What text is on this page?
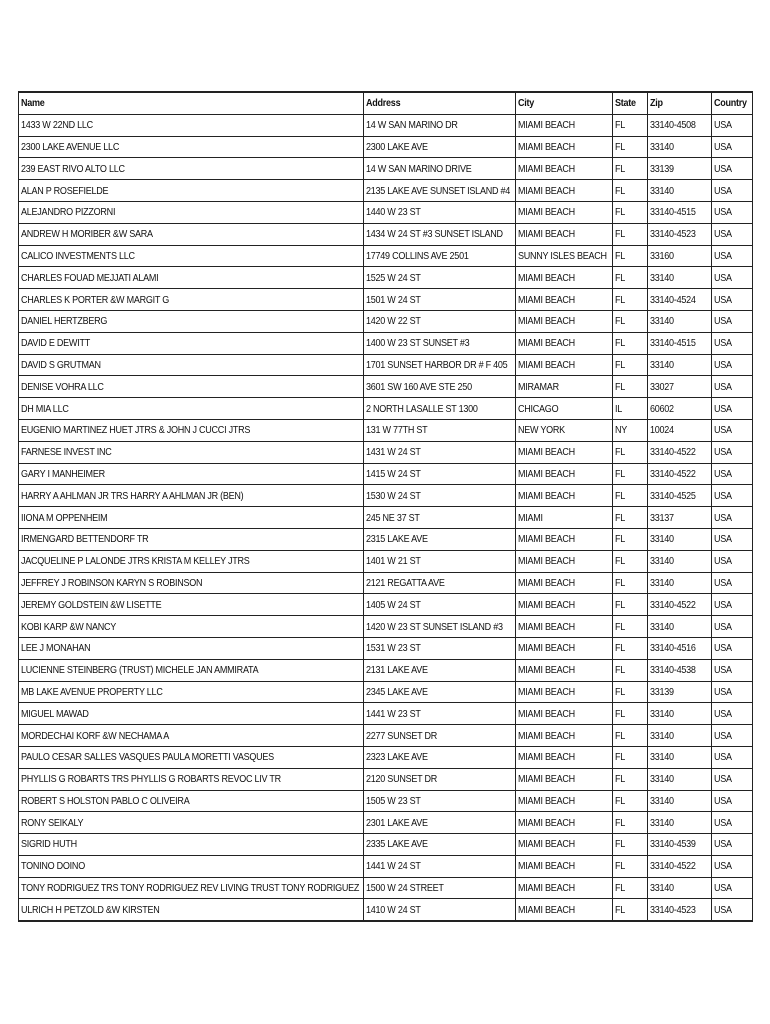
Name	Address	City	State	Zip	Country
1433 W 22ND LLC	14 W SAN MARINO DR	MIAMI BEACH	FL	33140-4508	USA
2300 LAKE AVENUE LLC	2300 LAKE AVE	MIAMI BEACH	FL	33140	USA
239 EAST RIVO ALTO LLC	14 W SAN MARINO DRIVE	MIAMI BEACH	FL	33139	USA
ALAN P ROSEFIELDE	2135 LAKE AVE SUNSET ISLAND #4	MIAMI BEACH	FL	33140	USA
ALEJANDRO PIZZORNI	1440 W 23 ST	MIAMI BEACH	FL	33140-4515	USA
ANDREW H MORIBER &W SARA	1434 W 24 ST #3 SUNSET ISLAND	MIAMI BEACH	FL	33140-4523	USA
CALICO INVESTMENTS LLC	17749 COLLINS AVE 2501	SUNNY ISLES BEACH	FL	33160	USA
CHARLES FOUAD MEJJATI ALAMI	1525 W 24 ST	MIAMI BEACH	FL	33140	USA
CHARLES K PORTER &W MARGIT G	1501 W 24 ST	MIAMI BEACH	FL	33140-4524	USA
DANIEL HERTZBERG	1420 W 22 ST	MIAMI BEACH	FL	33140	USA
DAVID E DEWITT	1400 W 23 ST SUNSET #3	MIAMI BEACH	FL	33140-4515	USA
DAVID S GRUTMAN	1701 SUNSET HARBOR DR # F 405	MIAMI BEACH	FL	33140	USA
DENISE VOHRA LLC	3601 SW 160 AVE STE 250	MIRAMAR	FL	33027	USA
DH MIA LLC	2 NORTH LASALLE ST 1300	CHICAGO	IL	60602	USA
EUGENIO MARTINEZ HUET JTRS & JOHN J CUCCI JTRS	131 W 77TH ST	NEW YORK	NY	10024	USA
FARNESE INVEST INC	1431 W 24 ST	MIAMI BEACH	FL	33140-4522	USA
GARY I MANHEIMER	1415 W 24 ST	MIAMI BEACH	FL	33140-4522	USA
HARRY A AHLMAN JR TRS HARRY A AHLMAN JR (BEN)	1530 W 24 ST	MIAMI BEACH	FL	33140-4525	USA
IIONA M OPPENHEIM	245 NE 37 ST	MIAMI	FL	33137	USA
IRMENGARD BETTENDORF TR	2315 LAKE AVE	MIAMI BEACH	FL	33140	USA
JACQUELINE P LALONDE JTRS KRISTA M KELLEY JTRS	1401 W 21 ST	MIAMI BEACH	FL	33140	USA
JEFFREY J ROBINSON KARYN S ROBINSON	2121 REGATTA AVE	MIAMI BEACH	FL	33140	USA
JEREMY GOLDSTEIN &W LISETTE	1405 W 24 ST	MIAMI BEACH	FL	33140-4522	USA
KOBI KARP &W NANCY	1420 W 23 ST SUNSET ISLAND #3	MIAMI BEACH	FL	33140	USA
LEE J MONAHAN	1531 W 23 ST	MIAMI BEACH	FL	33140-4516	USA
LUCIENNE STEINBERG (TRUST) MICHELE JAN AMMIRATA	2131 LAKE AVE	MIAMI BEACH	FL	33140-4538	USA
MB LAKE AVENUE PROPERTY LLC	2345 LAKE AVE	MIAMI BEACH	FL	33139	USA
MIGUEL MAWAD	1441 W 23 ST	MIAMI BEACH	FL	33140	USA
MORDECHAI KORF &W NECHAMA A	2277 SUNSET DR	MIAMI BEACH	FL	33140	USA
PAULO CESAR SALLES VASQUES PAULA MORETTI VASQUES	2323 LAKE AVE	MIAMI BEACH	FL	33140	USA
PHYLLIS G ROBARTS TRS PHYLLIS G ROBARTS REVOC LIV TR	2120 SUNSET DR	MIAMI BEACH	FL	33140	USA
ROBERT S HOLSTON PABLO C OLIVEIRA	1505 W 23 ST	MIAMI BEACH	FL	33140	USA
RONY SEIKALY	2301 LAKE AVE	MIAMI BEACH	FL	33140	USA
SIGRID HUTH	2335 LAKE AVE	MIAMI BEACH	FL	33140-4539	USA
TONINO DOINO	1441 W 24 ST	MIAMI BEACH	FL	33140-4522	USA
TONY RODRIGUEZ TRS TONY RODRIGUEZ REV LIVING TRUST TONY RODRIGUEZ	1500 W 24 STREET	MIAMI BEACH	FL	33140	USA
ULRICH H PETZOLD &W KIRSTEN	1410 W 24 ST	MIAMI BEACH	FL	33140-4523	USA
